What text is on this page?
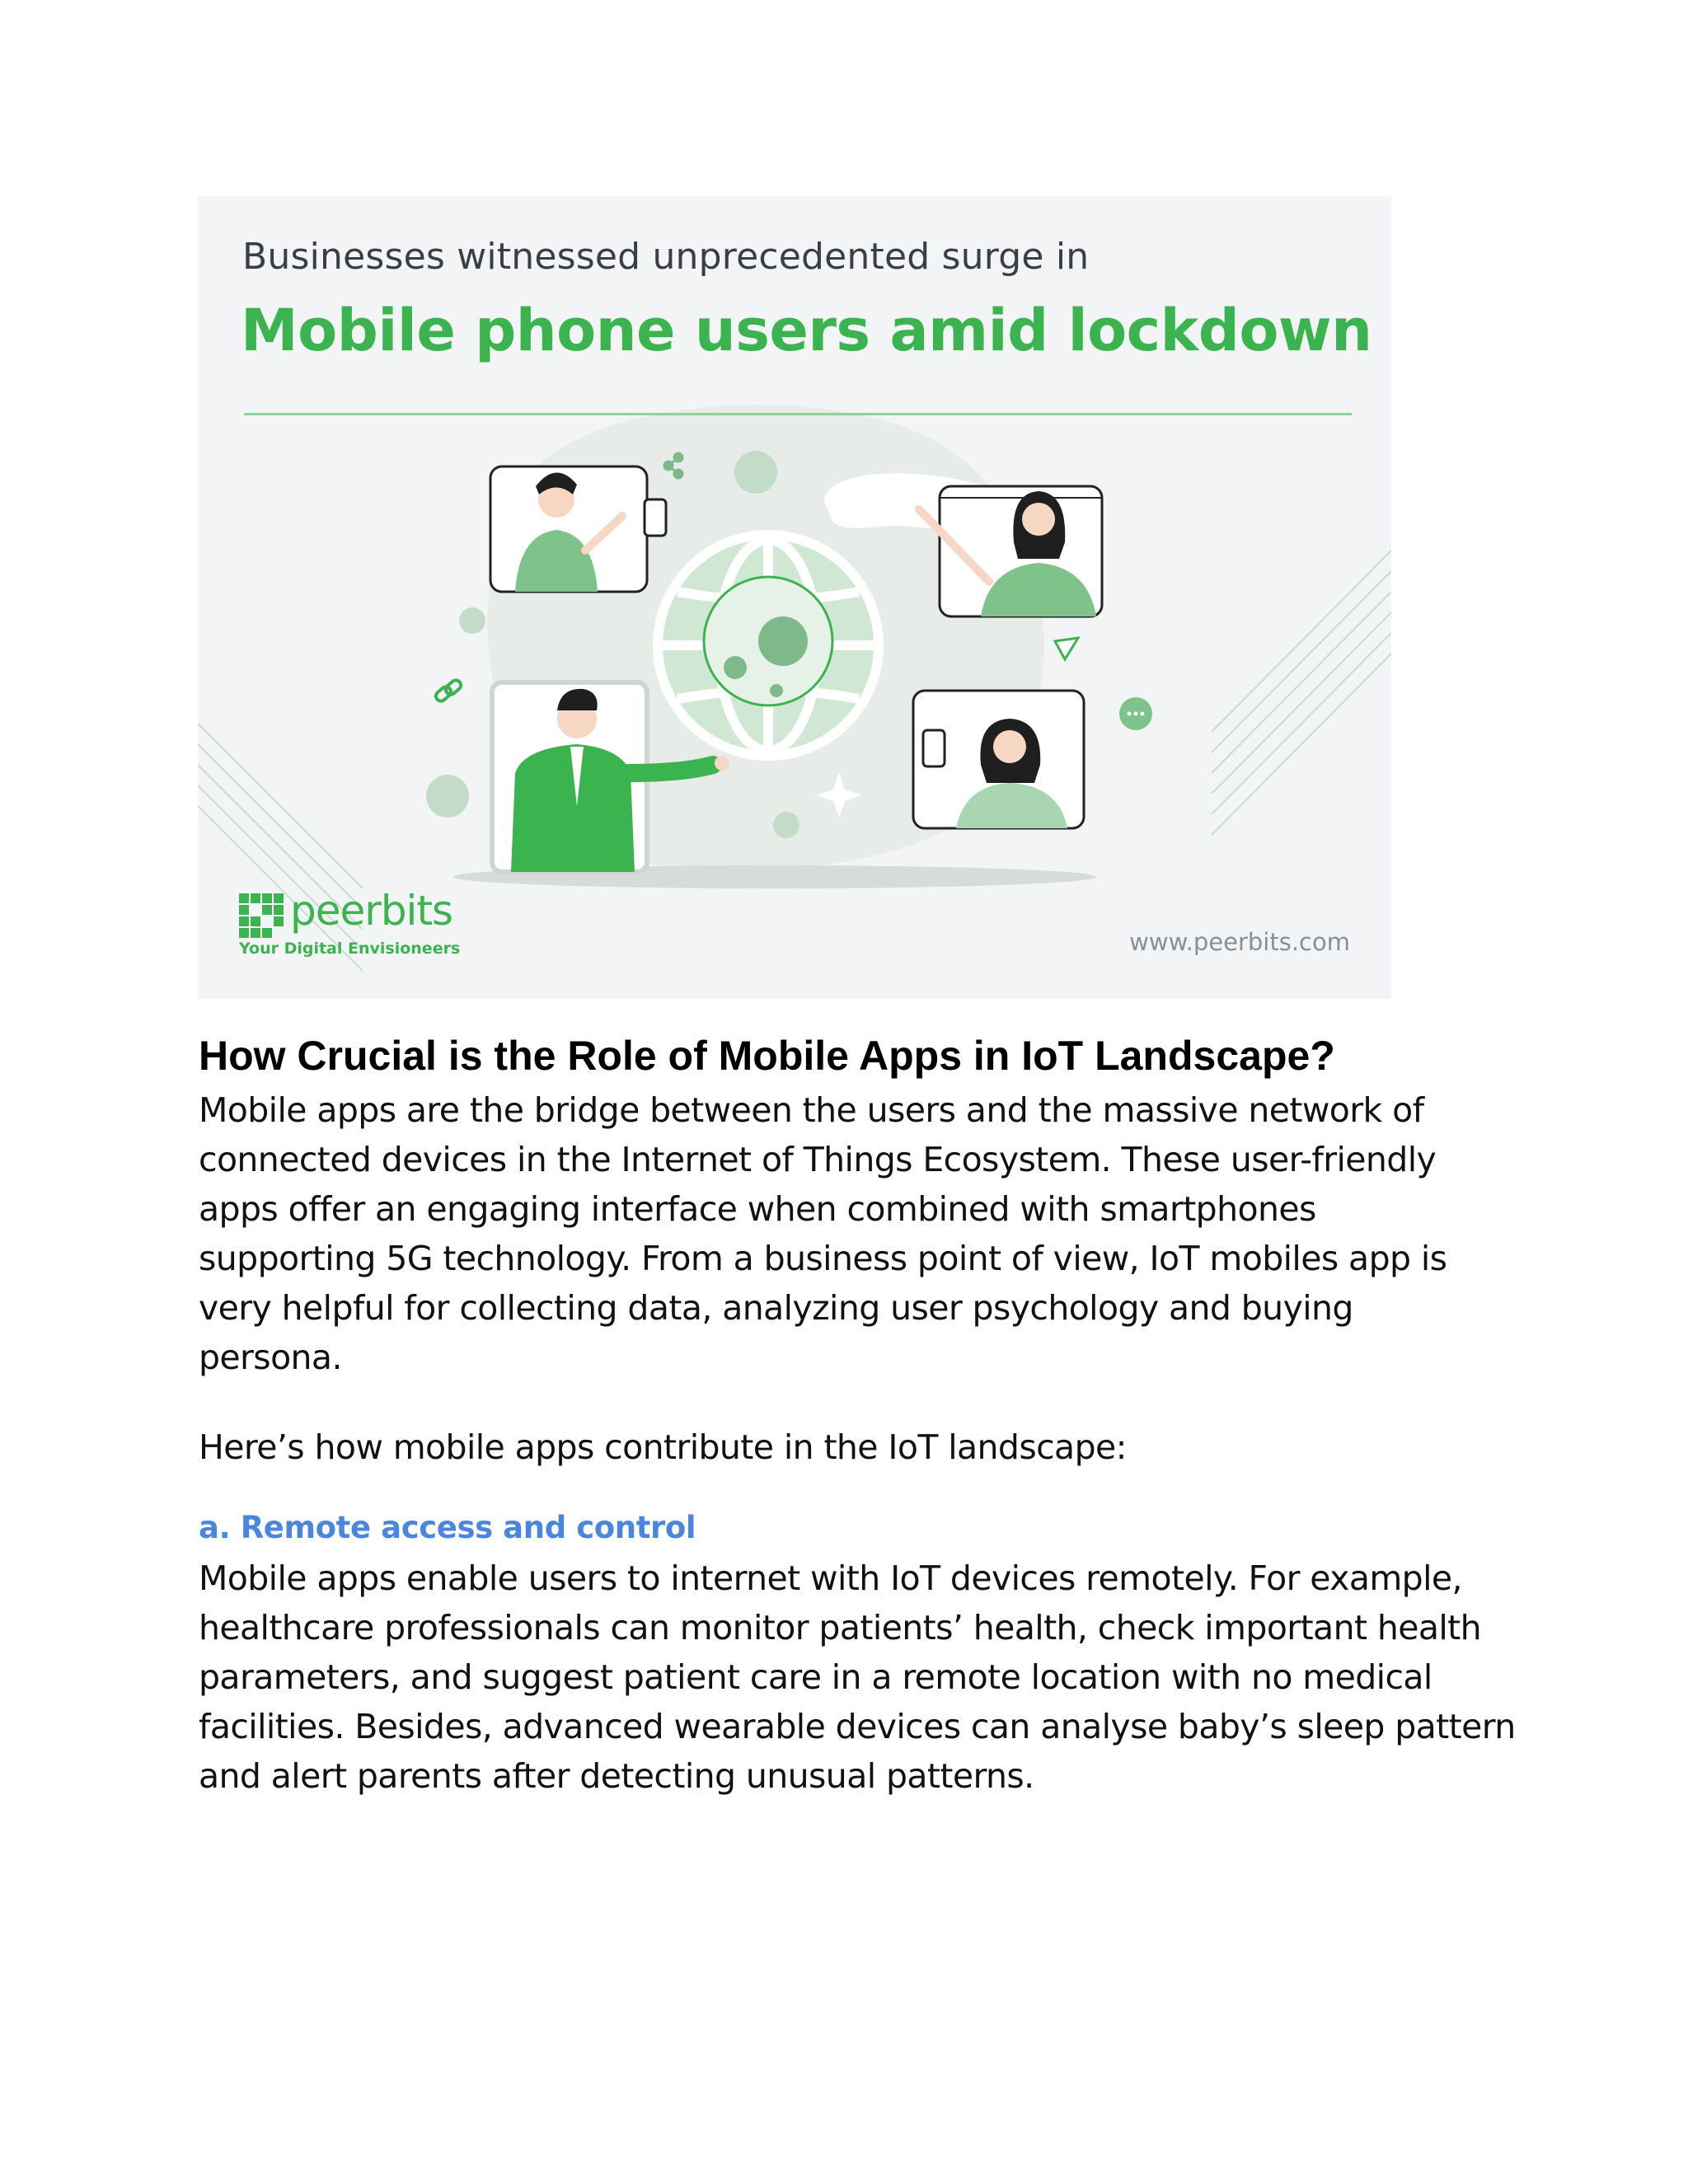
Businesses witnessed unprecedented surge in
Mobile phone users amid lockdown
peerbits
Your Digital Envisioneers	www.peerbits.com
How Crucial is the Role of Mobile Apps in IoT Landscape?

Mobile apps are the bridge between the users and the massive network of
connected devices in the Internet of Things Ecosystem. These user-friendly
apps offer an engaging interface when combined with smartphones
supporting 5G technology. From a business point of view, IoT mobiles app is
very helpful for collecting data, analyzing user psychology and buying
persona.

Here’s how mobile apps contribute in the IoT landscape:

a. Remote access and control

Mobile apps enable users to internet with IoT devices remotely. For example,
healthcare professionals can monitor patients’ health, check important health
parameters, and suggest patient care in a remote location with no medical
facilities. Besides, advanced wearable devices can analyse baby’s sleep pattern
and alert parents after detecting unusual patterns.
